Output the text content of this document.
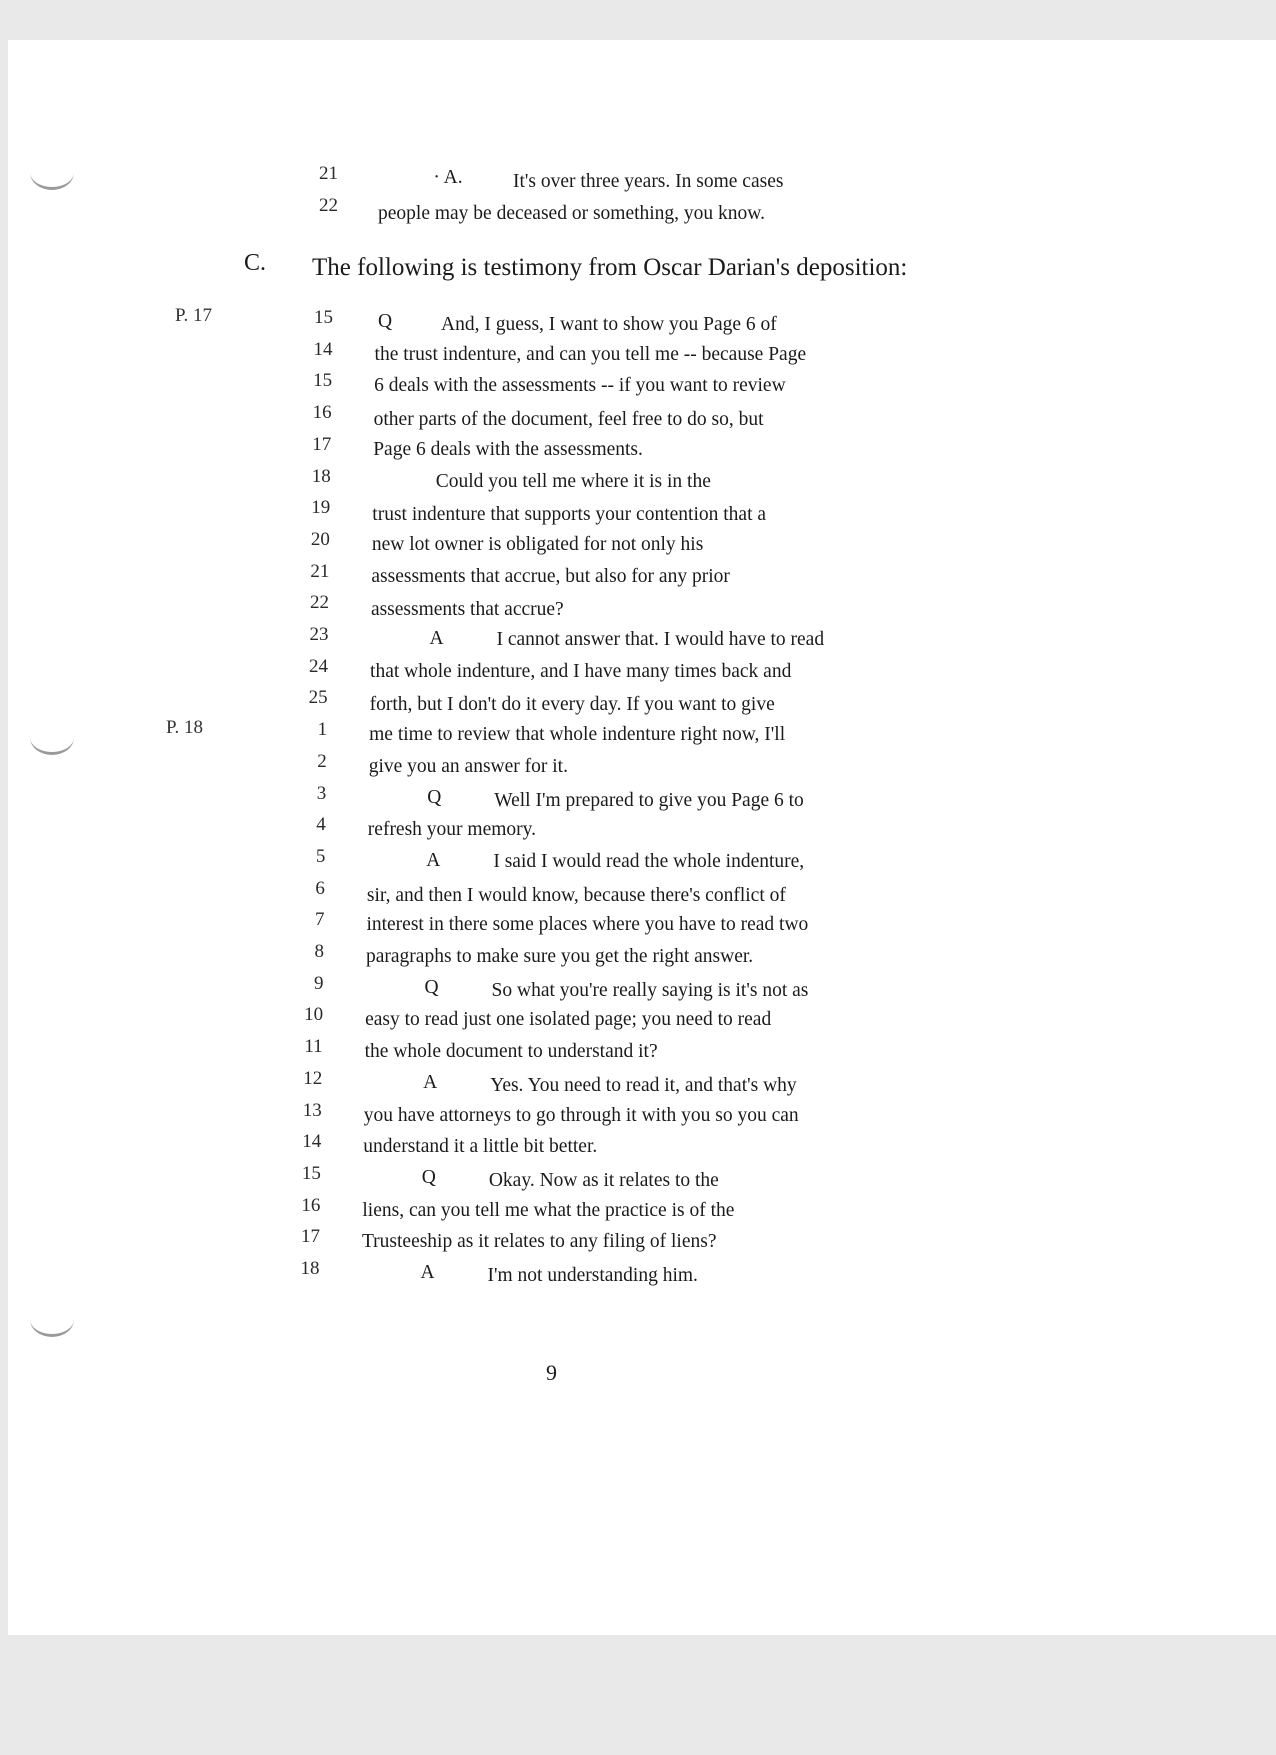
21	· A.	It's over three years. In some cases
22 people may be deceased or something, you know.
C. The following is testimony from Oscar Darian's deposition:
P. 17
P. 18
15	Q	And, I guess, I want to show you Page 6 of
14 the trust indenture, and can you tell me -- because Page
15 6 deals with the assessments -- if you want to review
16 other parts of the document, feel free to do so, but
17 Page 6 deals with the assessments.
18	Could you tell me where it is in the
19 trust indenture that supports your contention that a
20 new lot owner is obligated for not only his
21 assessments that accrue, but also for any prior
22 assessments that accrue?
23	A	I cannot answer that. I would have to read
24 that whole indenture, and I have many times back and
25 forth, but I don't do it every day. If you want to give
1 me time to review that whole indenture right now, I'll
2 give you an answer for it.
3	Q	Well I'm prepared to give you Page 6 to
4 refresh your memory.
5	A	I said I would read the whole indenture,
6 sir, and then I would know, because there's conflict of
7 interest in there some places where you have to read two
8 paragraphs to make sure you get the right answer.
9	Q	So what you're really saying is it's not as
10 easy to read just one isolated page; you need to read
11 the whole document to understand it?
12	A	Yes. You need to read it, and that's why
13 you have attorneys to go through it with you so you can
14 understand it a little bit better.
15	Q	Okay. Now as it relates to the
16 liens, can you tell me what the practice is of the
17 Trusteeship as it relates to any filing of liens?
18	A	I'm not understanding him.
9
